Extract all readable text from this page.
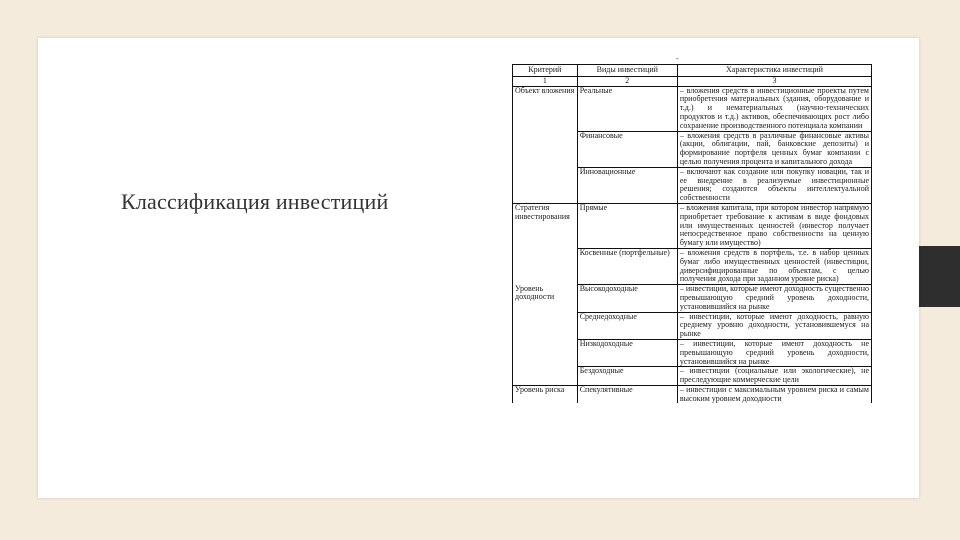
Классификация инвестиций
-
Критерий	Виды инвестиций	Характеристика инвестиций
1	2	3
Объект вложения	Реальные	– вложения средств в инвестиционные проекты путем приобретения материальных (здания, оборудование и т.д.) и нематериальных (научно-технических продуктов и т.д.) активов, обеспечивающих рост либо сохранение производственного потенциала компании
	Финансовые	– вложения средств в различные финансовые активы (акции, облигации, пай, банковские депозиты) и формирование портфеля ценных бумаг компании с целью получения процента и капитального дохода
	Инновационные	– включают как создание или покупку новации, так и ее внедрение в реализуемые инвестиционные решения; создаются объекты интеллектуальной собственности
Стратегия инвестирования	Прямые	– вложения капитала, при котором инвестор напрямую приобретает требование к активам в виде фондовых или имущественных ценностей (инвестор получает непосредственное право собственности на ценную бумагу или имущество)
	Косвенные (портфельные)	– вложения средств в портфель, т.е. в набор ценных бумаг либо имущественных ценностей (инвестиции, диверсифицированные по объектам, с целью получения дохода при заданном уровне риска)
Уровень доходности	Высокодоходные	– инвестиции, которые имеют доходность существенно превышающую средний уровень доходности, установившийся на рынке
	Среднедоходные	– инвестиции, которые имеют доходность, равную среднему уровню доходности, установившемуся на рынке
	Низкодоходные	– инвестиции, которые имеют доходность не превышающую средний уровень доходности, установившийся на рынке
	Бездоходные	– инвестиции (социальные или экологические), не преследующие коммерческие цели
Уровень риска	Спекулятивные	– инвестиции с максимальным уровнем риска и самым высоким уровнем доходности
